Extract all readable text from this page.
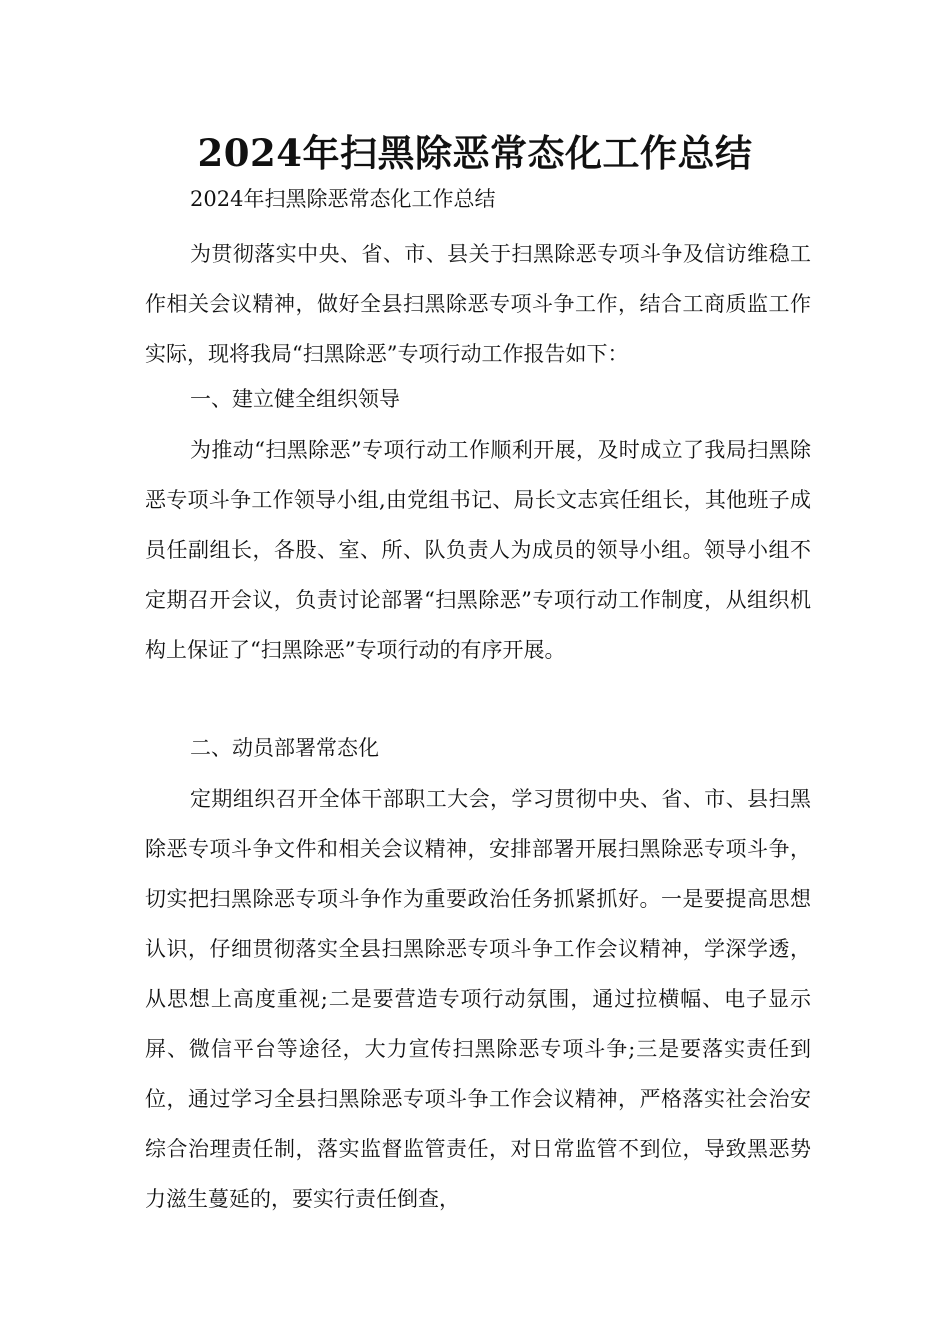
2024年扫黑除恶常态化工作总结
2024年扫黑除恶常态化工作总结
为贯彻落实中央、省、市、县关于扫黑除恶专项斗争及信访维稳工作相关会议精神，做好全县扫黑除恶专项斗争工作，结合工商质监工作实际，现将我局“扫黑除恶”专项行动工作报告如下：
一、建立健全组织领导
为推动“扫黑除恶”专项行动工作顺利开展，及时成立了我局扫黑除恶专项斗争工作领导小组,由党组书记、局长文志宾任组长，其他班子成员任副组长，各股、室、所、队负责人为成员的领导小组。领导小组不定期召开会议，负责讨论部署“扫黑除恶”专项行动工作制度，从组织机构上保证了“扫黑除恶”专项行动的有序开展。
二、动员部署常态化
定期组织召开全体干部职工大会，学习贯彻中央、省、市、县扫黑除恶专项斗争文件和相关会议精神，安排部署开展扫黑除恶专项斗争，切实把扫黑除恶专项斗争作为重要政治任务抓紧抓好。一是要提高思想认识，仔细贯彻落实全县扫黑除恶专项斗争工作会议精神，学深学透，从思想上高度重视;二是要营造专项行动氛围，通过拉横幅、电子显示屏、微信平台等途径，大力宣传扫黑除恶专项斗争;三是要落实责任到位，通过学习全县扫黑除恶专项斗争工作会议精神，严格落实社会治安综合治理责任制，落实监督监管责任，对日常监管不到位，导致黑恶势力滋生蔓延的，要实行责任倒查，
